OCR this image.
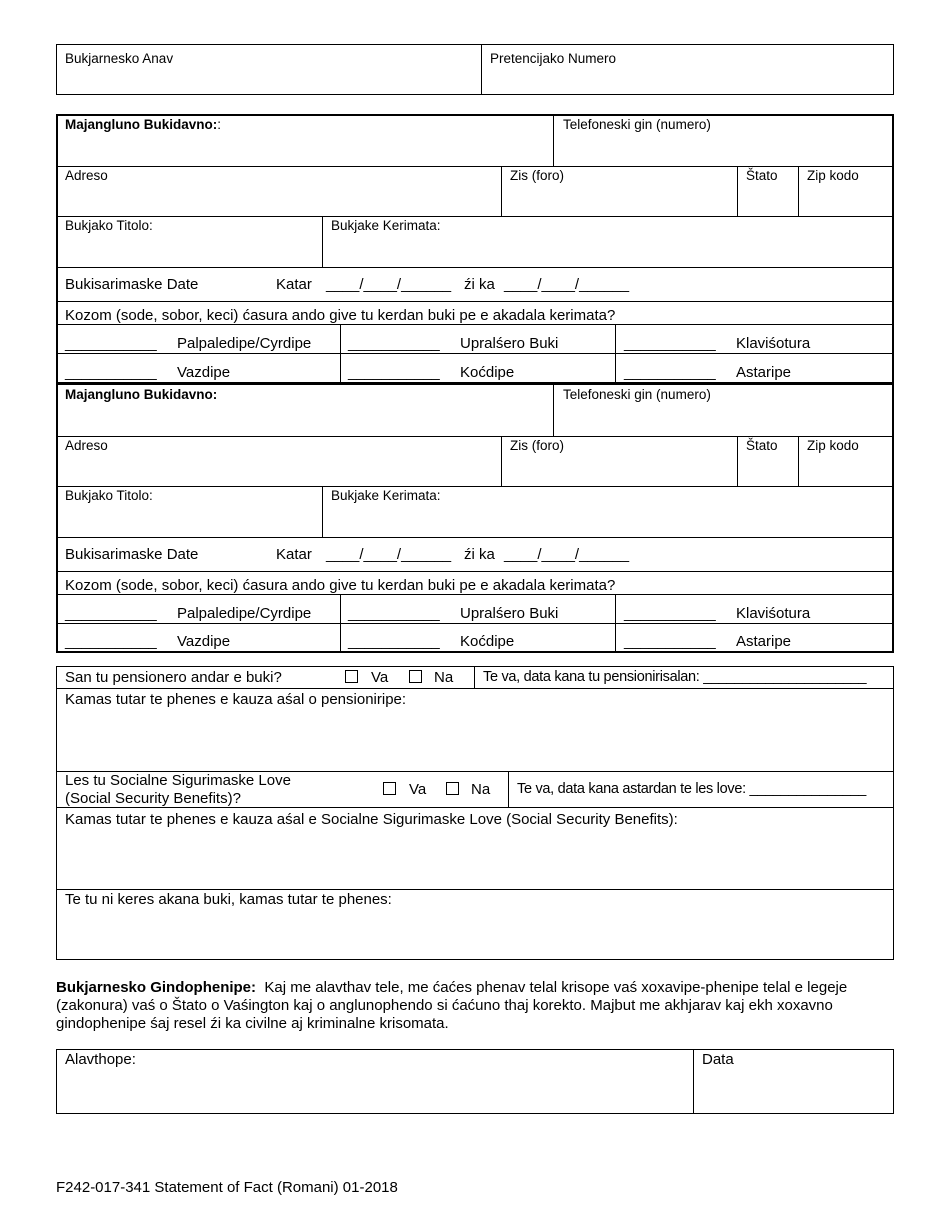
Bukjarnesko Anav	Pretencijako Numero
Majangluno Bukidavno::	Telefoneski gin (numero)
Adreso	Zis (foro)	Štato Zip kodo
Bukjako Titolo:	Bukjake Kerimata:
Bukisarimaske Date	Katar ____/____/______ źi ka ____/____/______
Kozom (sode, sobor, keci) ćasura ando give tu kerdan buki pe e akadala kerimata?
___________ Palpaledipe/Cyrdipe ___________ Upralśero Buki	___________ Klaviśotura
___________ Vazdipe	___________ Koćdipe	___________ Astaripe
Majangluno Bukidavno:	Telefoneski gin (numero)
Adreso	Zis (foro)	Štato Zip kodo
Bukjako Titolo:	Bukjake Kerimata:
Bukisarimaske Date	Katar ____/____/______ źi ka ____/____/______
Kozom (sode, sobor, keci) ćasura ando give tu kerdan buki pe e akadala kerimata?
___________ Palpaledipe/Cyrdipe ___________ Upralśero Buki	___________ Klaviśotura
___________ Vazdipe	___________ Koćdipe	___________ Astaripe
San tu pensionero andar e buki?	Va	Na Te va, data kana tu pensionirisalan: _____________________
Kamas tutar te phenes e kauza aśal o pensioniripe:
Les tu Socialne Sigurimaske Love
(Social Security Benefits)?
Va	Na Te va, data kana astardan te les love: _______________
Kamas tutar te phenes e kauza aśal e Socialne Sigurimaske Love (Social Security Benefits):
Te tu ni keres akana buki, kamas tutar te phenes:
Bukjarnesko Gindophenipe: Kaj me alavthav tele, me ćaćes phenav telal krisope vaś xoxavipe-phenipe telal e legeje
(zakonura) vaś o Štato o Vaśington kaj o anglunophendo si ćaćuno thaj korekto. Majbut me akhjarav kaj ekh xoxavno
gindophenipe śaj resel źi ka civilne aj kriminalne krisomata.
Alavthope:	Data
F242-017-341 Statement of Fact (Romani) 01-2018
